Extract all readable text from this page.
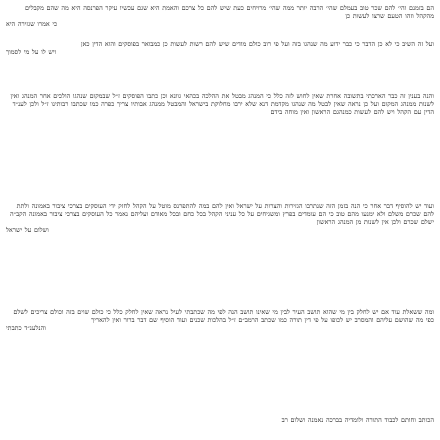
הם בזמנם והי׳ להם שכר טוב בעמלם שהי׳ הרבה יותר ממה שהי׳ מרויחים כעת שיש להם כל צרכם והאמת היא שגם עכשיו עיקר הפרנסה היא מה שהם מקבלים מהקהל וזהו הטעם שרצו לעשות כן
כי אמרו שגזירה היא

ועל זה השיב כי לא כן הדבר כי כבר ידוע מה שנהגו בזה ועל פי רוב כולם מודים שיש להם רשות לעשות כן כמבואר בפוסקים והוא הדין כאן
ויש לו על מי לסמוך

והנה בענין זה כבר הארכתי בתשובה אחרת שאין לחוש לזה כלל כי המנהג מבטל את ההלכה בכהאי גוונא וכן כתבו הפוסקים ז״ל שבמקום שנהגו הולכים אחר המנהג ואין לשנות ממנהג המקום ועל כן נראה שאין לבטל מה שנהגו מקדמת דנא שלא ירבו מחלוקת בישראל והמבטל ממנהג אבותיו צריך כפרה כמו שכתבו רבותינו ז״ל ולכן לענ״ד הדין עם הקהל ויש להם לעשות כמנהגם הראשון ואין מוחה בידם

ועוד יש להוסיף דבר אחר כי הנה בזמן הזה שנתרבו הגזירות והצרות על ישראל ואין להם במה להתפרנס מוטל על הקהל לחזק ידי העוסקים בצרכי ציבור באמונה ולתת להם שכרם משלם ולא ימנעו מהם טוב כי הם עומדים בפרץ ומשגיחים על כל עניני הקהל בכל כחם ובכל מאודם ועליהם נאמר כל העוסקים בצרכי ציבור באמונה הקב״ה ישלם שכרם ולכן אין לשנות מן המנהג הראשון
ושלום על ישראל

ומה ששאלת עוד אם יש לחלק בין מי שהוא תושב העיר לבין מי שאינו תושב הנה לפי מה שכתבתי לעיל נראה שאין לחלק כלל כי כולם שוים בזה וכולם צריכים לשלם כפי מה שהושם עליהם והמסרב יש לכופו על פי דין תורה כמו שכתב הרמב״ם ז״ל בהלכות שכנים ועוד הוסיף שם דבר ברור ואין להאריך
והנלענ״ד כתבתי

הכותב וחותם לכבוד התורה ולומדיה בברכה נאמנה ושלום רב
